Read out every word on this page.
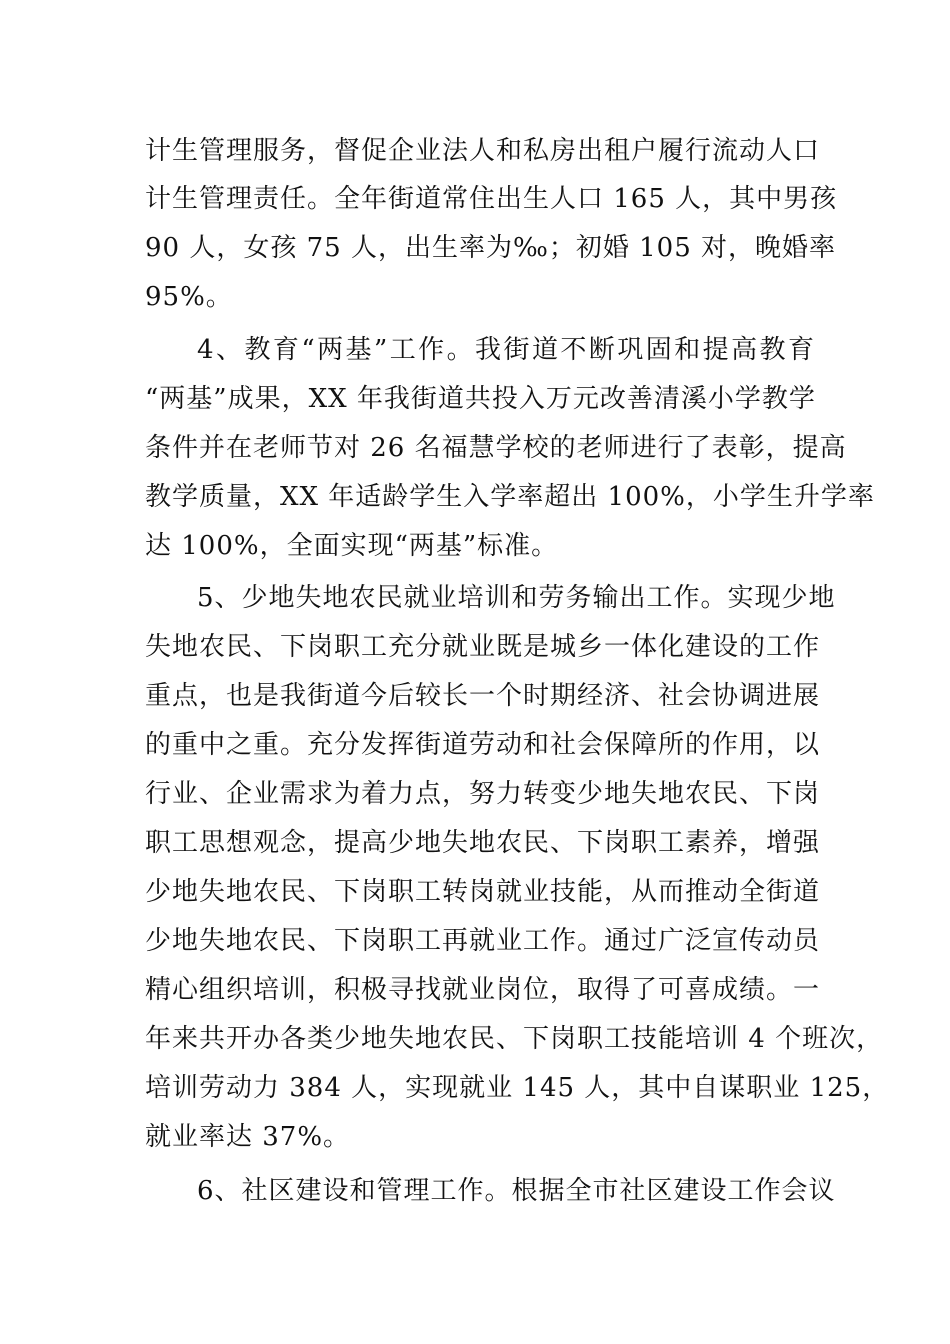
计生管理服务，督促企业法人和私房出租户履行流动人口
计生管理责任。全年街道常住出生人口 165 人，其中男孩
90 人，女孩 75 人，出生率为‰；初婚 105 对，晚婚率
95%。
4、教育“两基”工作。我街道不断巩固和提高教育
“两基”成果，XX 年我街道共投入万元改善清溪小学教学
条件并在老师节对 26 名福慧学校的老师进行了表彰，提高
教学质量，XX 年适龄学生入学率超出 100%，小学生升学率
达 100%，全面实现“两基”标准。
5、少地失地农民就业培训和劳务输出工作。实现少地
失地农民、下岗职工充分就业既是城乡一体化建设的工作
重点，也是我街道今后较长一个时期经济、社会协调进展
的重中之重。充分发挥街道劳动和社会保障所的作用，以
行业、企业需求为着力点，努力转变少地失地农民、下岗
职工思想观念，提高少地失地农民、下岗职工素养，增强
少地失地农民、下岗职工转岗就业技能，从而推动全街道
少地失地农民、下岗职工再就业工作。通过广泛宣传动员
精心组织培训，积极寻找就业岗位，取得了可喜成绩。一
年来共开办各类少地失地农民、下岗职工技能培训 4 个班次，
培训劳动力 384 人，实现就业 145 人，其中自谋职业 125，
就业率达 37%。
6、社区建设和管理工作。根据全市社区建设工作会议
